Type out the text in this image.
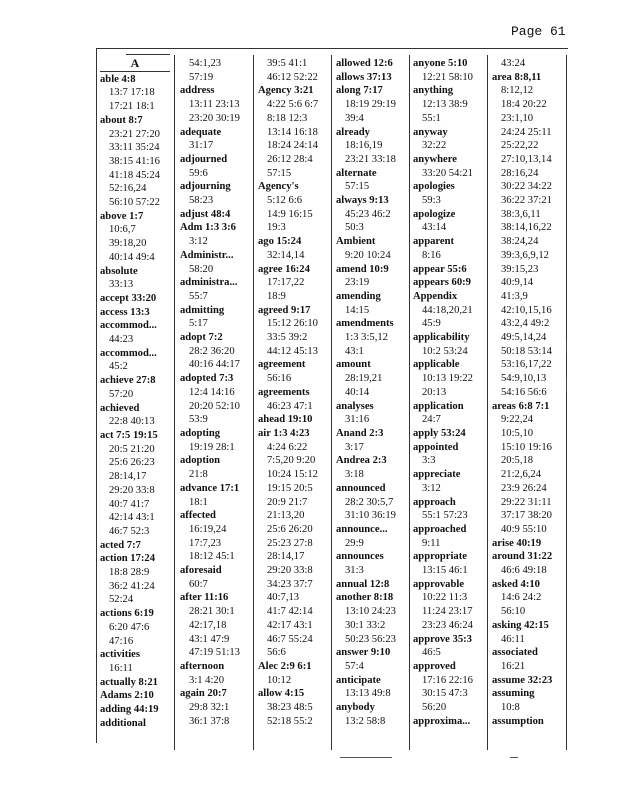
Page 61
A
able 4:8
13:7 17:18
17:21 18:1
about 8:7
23:21 27:20
33:11 35:24
38:15 41:16
41:18 45:24
52:16,24
56:10 57:22
above 1:7
10:6,7
39:18,20
40:14 49:4
absolute
33:13
accept 33:20
access 13:3
accommod...
44:23
accommod...
45:2
achieve 27:8
57:20
achieved
22:8 40:13
act 7:5 19:15
20:5 21:20
25:6 26:23
28:14,17
29:20 33:8
40:7 41:7
42:14 43:1
46:7 52:3
acted 7:7
action 17:24
18:8 28:9
36:2 41:24
52:24
actions 6:19
6:20 47:6
47:16
activities
16:11
actually 8:21
Adams 2:10
adding 44:19
additional
54:1,23
57:19
address
13:11 23:13
23:20 30:19
adequate
31:17
adjourned
59:6
adjourning
58:23
adjust 48:4
Adm 1:3 3:6
3:12
Administr...
58:20
administra...
55:7
admitting
5:17
adopt 7:2
28:2 36:20
40:16 44:17
adopted 7:3
12:4 14:16
20:20 52:10
53:9
adopting
19:19 28:1
adoption
21:8
advance 17:1
18:1
affected
16:19,24
17:7,23
18:12 45:1
aforesaid
60:7
after 11:16
28:21 30:1
42:17,18
43:1 47:9
47:19 51:13
afternoon
3:1 4:20
again 20:7
29:8 32:1
36:1 37:8
39:5 41:1
46:12 52:22
Agency 3:21
4:22 5:6 6:7
8:18 12:3
13:14 16:18
18:24 24:14
26:12 28:4
57:15
Agency's
5:12 6:6
14:9 16:15
19:3
ago 15:24
32:14,14
agree 16:24
17:17,22
18:9
agreed 9:17
15:12 26:10
33:5 39:2
44:12 45:13
agreement
56:16
agreements
46:23 47:1
ahead 19:10
air 1:3 4:23
4:24 6:22
7:5,20 9:20
10:24 15:12
19:15 20:5
20:9 21:7
21:13,20
25:6 26:20
25:23 27:8
28:14,17
29:20 33:8
34:23 37:7
40:7,13
41:7 42:14
42:17 43:1
46:7 55:24
56:6
Alec 2:9 6:1
10:12
allow 4:15
38:23 48:5
52:18 55:2
allowed 12:6
allows 37:13
along 7:17
18:19 29:19
39:4
already
18:16,19
23:21 33:18
alternate
57:15
always 9:13
45:23 46:2
50:3
Ambient
9:20 10:24
amend 10:9
23:19
amending
14:15
amendments
1:3 3:5,12
43:1
amount
28:19,21
40:14
analyses
31:16
Anand 2:3
3:17
Andrea 2:3
3:18
announced
28:2 30:5,7
31:10 36:19
announce...
29:9
announces
31:3
annual 12:8
another 8:18
13:10 24:23
30:1 33:2
50:23 56:23
answer 9:10
57:4
anticipate
13:13 49:8
anybody
13:2 58:8
anyone 5:10
12:21 58:10
anything
12:13 38:9
55:1
anyway
32:22
anywhere
33:20 54:21
apologies
59:3
apologize
43:14
apparent
8:16
appear 55:6
appears 60:9
Appendix
44:18,20,21
45:9
applicability
10:2 53:24
applicable
10:13 19:22
20:13
application
24:7
apply 53:24
appointed
3:3
appreciate
3:12
approach
55:1 57:23
approached
9:11
appropriate
13:15 46:1
approvable
10:22 11:3
11:24 23:17
23:23 46:24
approve 35:3
46:5
approved
17:16 22:16
30:15 47:3
56:20
approxima...
43:24
area 8:8,11
8:12,12
18:4 20:22
23:1,10
24:24 25:11
25:22,22
27:10,13,14
28:16,24
30:22 34:22
36:22 37:21
38:3,6,11
38:14,16,22
38:24,24
39:3,6,9,12
39:15,23
40:9,14
41:3,9
42:10,15,16
43:2,4 49:2
49:5,14,24
50:18 53:14
53:16,17,22
54:9,10,13
54:16 56:6
areas 6:8 7:1
9:22,24
10:5,10
15:10 19:16
20:5,18
21:2,6,24
23:9 26:24
29:22 31:11
37:17 38:20
40:9 55:10
arise 40:19
around 31:22
46:6 49:18
asked 4:10
14:6 24:2
56:10
asking 42:15
46:11
associated
16:21
assume 32:23
assuming
10:8
assumption
